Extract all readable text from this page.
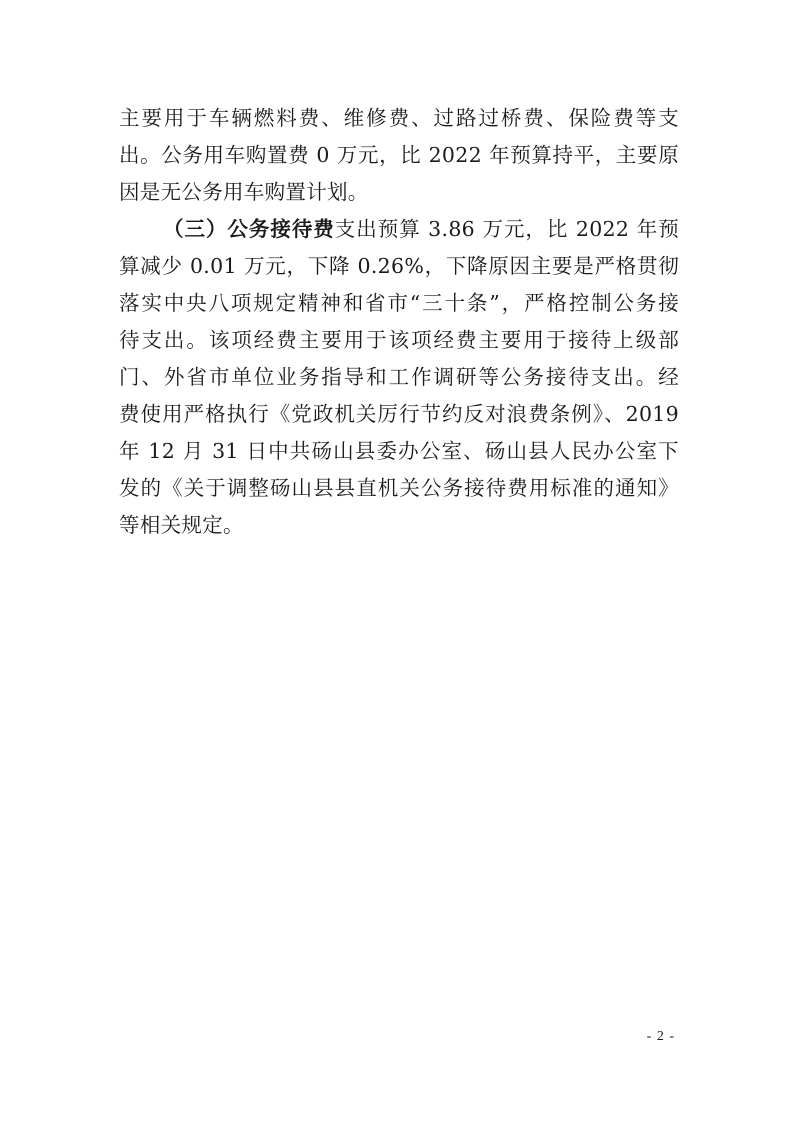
主要用于车辆燃料费、维修费、过路过桥费、保险费等支
出。公务用车购置费 0 万元，比 2022 年预算持平，主要原
因是无公务用车购置计划。
（三）公务接待费支出预算 3.86 万元，比 2022 年预
算减少 0.01 万元，下降 0.26%，下降原因主要是严格贯彻
落实中央八项规定精神和省市“三十条”，严格控制公务接
待支出。该项经费主要用于该项经费主要用于接待上级部
门、外省市单位业务指导和工作调研等公务接待支出。经
费使用严格执行《党政机关厉行节约反对浪费条例》、2019
年 12 月 31 日中共砀山县委办公室、砀山县人民办公室下
发的《关于调整砀山县县直机关公务接待费用标准的通知》
等相关规定。
- 2 -
